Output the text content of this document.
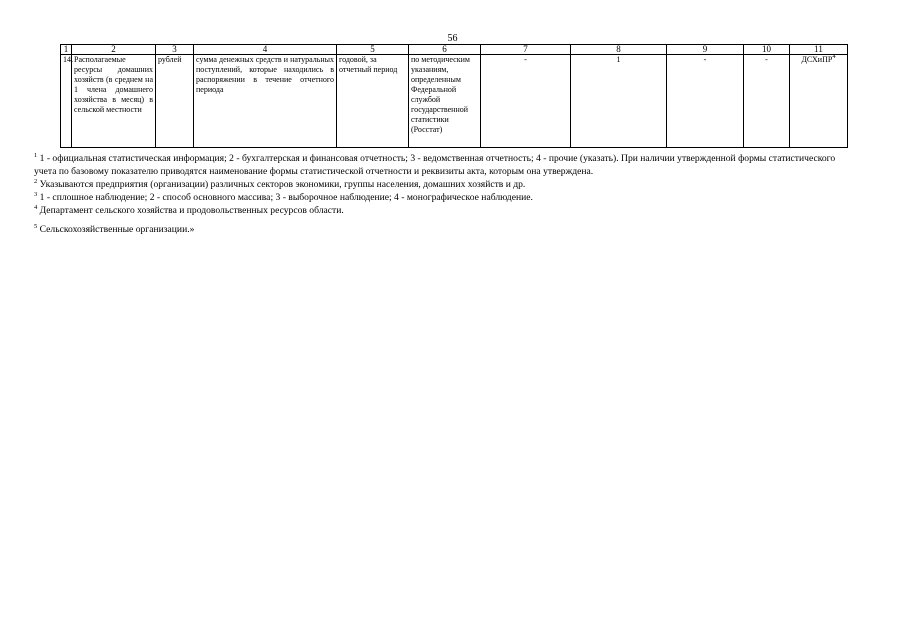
56
1	2	3	4	5	6	7	8	9	10	11
14.	Располагаемые ресурсы домашних хозяйств (в среднем на 1 члена домашнего хозяйства в месяц) в сельской местности	рублей	сумма денежных средств и натуральных поступлений, которые находились в распоряжении в течение отчетного периода	годовой, за отчетный период	по методическим указаниям, определенным Федеральной службой государственной статистики (Росстат)	-	1	-	-	ДСХиПР$^4$

$^1$ 1 - официальная статистическая информация; 2 - бухгалтерская и финансовая отчетность; 3 - ведомственная отчетность; 4 - прочие (указать). При наличии утвержденной формы статистического учета по базовому показателю приводятся наименование формы статистической отчетности и реквизиты акта, которым она утверждена.

$^2$ Указываются предприятия (организации) различных секторов экономики, группы населения, домашних хозяйств и др.

$^3$ 1 - сплошное наблюдение; 2 - способ основного массива; 3 - выборочное наблюдение; 4 - монографическое наблюдение.

$^4$ Департамент сельского хозяйства и продовольственных ресурсов области.

$^5$ Сельскохозяйственные организации.»
